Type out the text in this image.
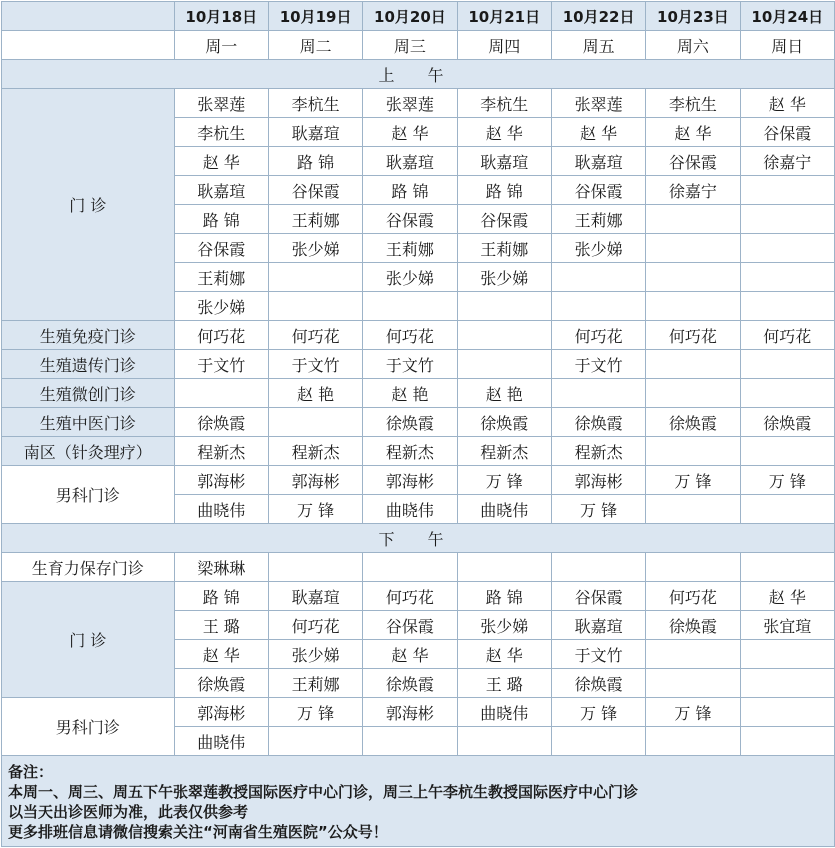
	10月18日	10月19日	10月20日	10月21日	10月22日	10月23日	10月24日
	周一	周二	周三	周四	周五	周六	周日
上 午							
门 诊	张翠莲	李杭生	张翠莲	李杭生	张翠莲	李杭生	赵 华
	李杭生	耿嘉瑄	赵 华	赵 华	赵 华	赵 华	谷保霞
	赵 华	路 锦	耿嘉瑄	耿嘉瑄	耿嘉瑄	谷保霞	徐嘉宁
	耿嘉瑄	谷保霞	路 锦	路 锦	谷保霞	徐嘉宁	
	路 锦	王莉娜	谷保霞	谷保霞	王莉娜		
	谷保霞	张少娣	王莉娜	王莉娜	张少娣		
	王莉娜		张少娣	张少娣			
	张少娣						
生殖免疫门诊	何巧花	何巧花	何巧花		何巧花	何巧花	何巧花
生殖遗传门诊	于文竹	于文竹	于文竹		于文竹		
生殖微创门诊		赵 艳	赵 艳	赵 艳			
生殖中医门诊	徐焕霞		徐焕霞	徐焕霞	徐焕霞	徐焕霞	徐焕霞
南区（针灸理疗）	程新杰	程新杰	程新杰	程新杰	程新杰		
男科门诊	郭海彬	郭海彬	郭海彬	万 锋	郭海彬	万 锋	万 锋
	曲晓伟	万 锋	曲晓伟	曲晓伟	万 锋		
下 午							
生育力保存门诊	梁琳琳						
门 诊	路 锦	耿嘉瑄	何巧花	路 锦	谷保霞	何巧花	赵 华
	王 璐	何巧花	谷保霞	张少娣	耿嘉瑄	徐焕霞	张宜瑄
	赵 华	张少娣	赵 华	赵 华	于文竹		
	徐焕霞	王莉娜	徐焕霞	王 璐	徐焕霞		
男科门诊	郭海彬	万 锋	郭海彬	曲晓伟	万 锋	万 锋	
	曲晓伟						

备注：
本周一、周三、周五下午张翠莲教授国际医疗中心门诊，周三上午李杭生教授国际医疗中心门诊
以当天出诊医师为准，此表仅供参考
更多排班信息请微信搜索关注“河南省生殖医院”公众号！							
